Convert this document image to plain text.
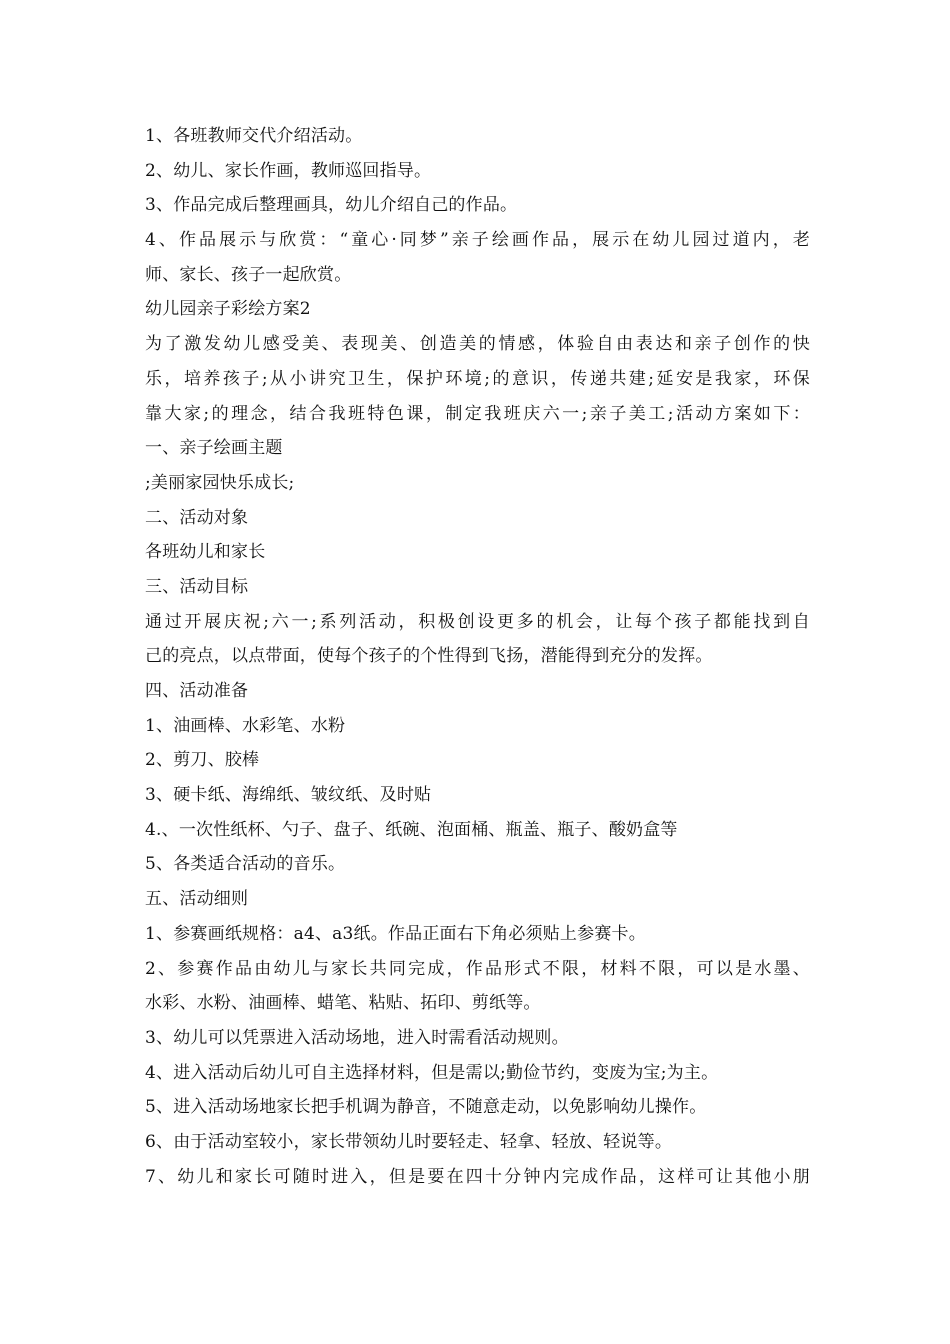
1、各班教师交代介绍活动。
2、幼儿、家长作画，教师巡回指导。
3、作品完成后整理画具，幼儿介绍自己的作品。
4、作品展示与欣赏：“童心·同梦”亲子绘画作品，展示在幼儿园过道内，老
师、家长、孩子一起欣赏。
幼儿园亲子彩绘方案2
为了激发幼儿感受美、表现美、创造美的情感，体验自由表达和亲子创作的快
乐，培养孩子;从小讲究卫生，保护环境;的意识，传递共建;延安是我家，环保
靠大家;的理念，结合我班特色课，制定我班庆六一;亲子美工;活动方案如下：
一、亲子绘画主题
;美丽家园快乐成长;
二、活动对象
各班幼儿和家长
三、活动目标
通过开展庆祝;六一;系列活动，积极创设更多的机会，让每个孩子都能找到自
己的亮点，以点带面，使每个孩子的个性得到飞扬，潜能得到充分的发挥。
四、活动准备
1、油画棒、水彩笔、水粉
2、剪刀、胶棒
3、硬卡纸、海绵纸、皱纹纸、及时贴
4.、一次性纸杯、勺子、盘子、纸碗、泡面桶、瓶盖、瓶子、酸奶盒等
5、各类适合活动的音乐。
五、活动细则
1、参赛画纸规格：a4、a3纸。作品正面右下角必须贴上参赛卡。
2、参赛作品由幼儿与家长共同完成，作品形式不限，材料不限，可以是水墨、
水彩、水粉、油画棒、蜡笔、粘贴、拓印、剪纸等。
3、幼儿可以凭票进入活动场地，进入时需看活动规则。
4、进入活动后幼儿可自主选择材料，但是需以;勤俭节约，变废为宝;为主。
5、进入活动场地家长把手机调为静音，不随意走动，以免影响幼儿操作。
6、由于活动室较小，家长带领幼儿时要轻走、轻拿、轻放、轻说等。
7、幼儿和家长可随时进入，但是要在四十分钟内完成作品，这样可让其他小朋
